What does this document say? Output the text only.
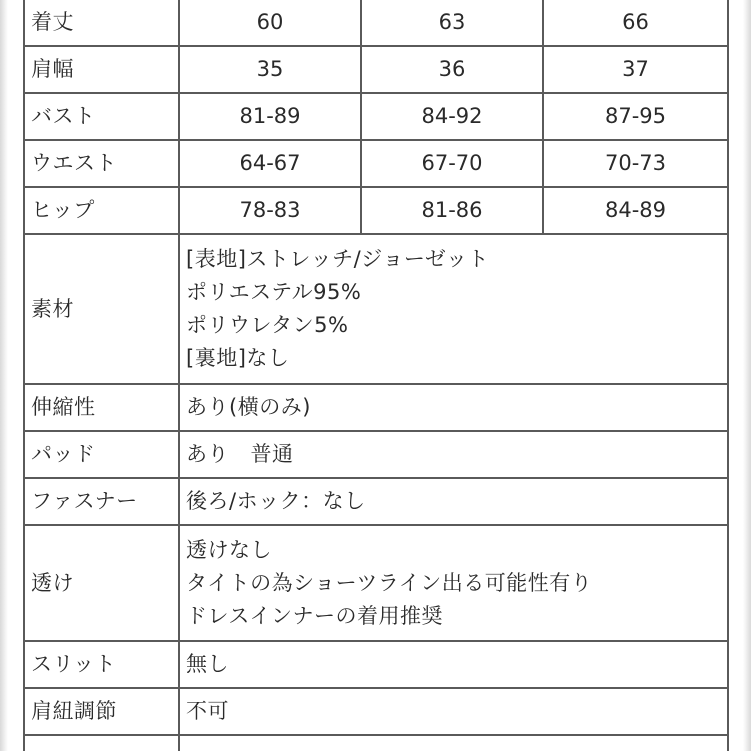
着丈	60	63	66
肩幅	35	36	37
バスト	81-89	84-92	87-95
ウエスト	64-67	67-70	70-73
ヒップ	78-83	81-86	84-89
素材	[表地]ストレッチ/ジョーゼット
ポリエステル95%
ポリウレタン5%
[裏地]なし		

伸縮性	あり(横のみ)		

パッド	あり　普通		

ファスナー	後ろ/ホック：なし		

透け	透けなし
タイトの為ショーツライン出る可能性有り
ドレスインナーの着用推奨		

スリット	無し		

肩紐調節	不可		
